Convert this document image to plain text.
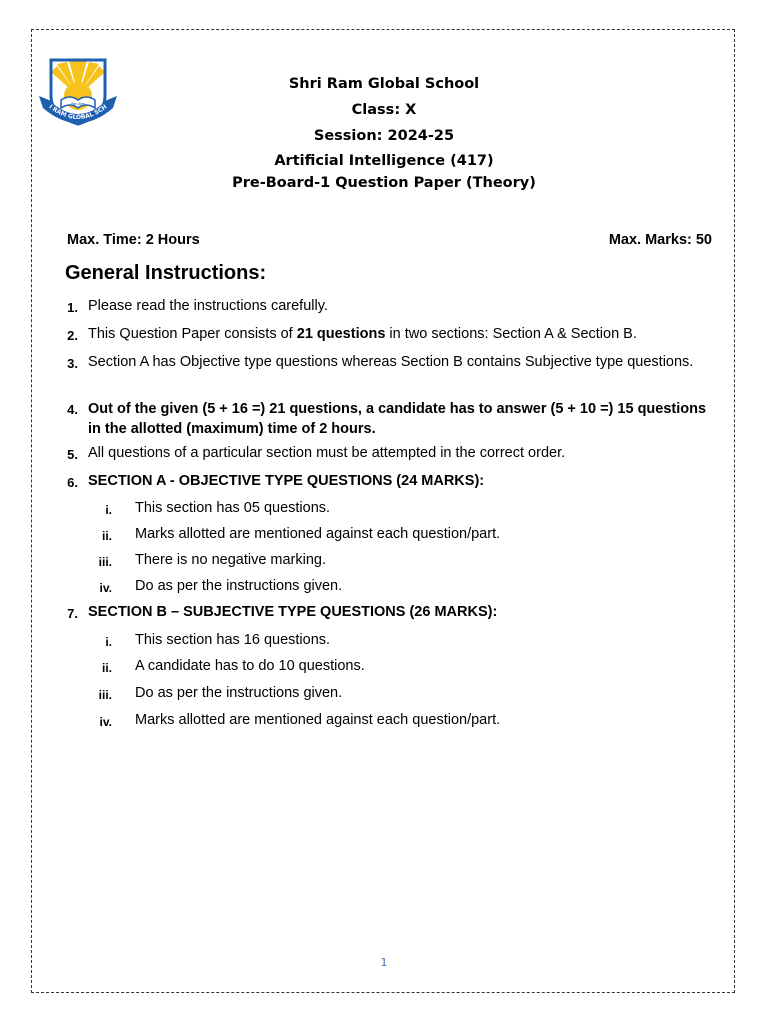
विद्या अमृतम
I RAM GLOBAL SCH
Shri Ram Global School
Class: X
Session: 2024-25
Artificial Intelligence (417)
Pre-Board-1 Question Paper (Theory)
Max. Time: 2 Hours	Max. Marks: 50
General Instructions:
1. Please read the instructions carefully.
2. This Question Paper consists of 21 questions in two sections: Section A & Section B.
3. Section A has Objective type questions whereas Section B contains Subjective type questions.
4. Out of the given (5 + 16 =) 21 questions, a candidate has to answer (5 + 10 =) 15 questions in the allotted (maximum) time of 2 hours.
5. All questions of a particular section must be attempted in the correct order.
6. SECTION A - OBJECTIVE TYPE QUESTIONS (24 MARKS):
i. This section has 05 questions.
ii. Marks allotted are mentioned against each question/part.
iii. There is no negative marking.
iv. Do as per the instructions given.
7. SECTION B – SUBJECTIVE TYPE QUESTIONS (26 MARKS):
i. This section has 16 questions.
ii. A candidate has to do 10 questions.
iii. Do as per the instructions given.
iv. Marks allotted are mentioned against each question/part.
1
